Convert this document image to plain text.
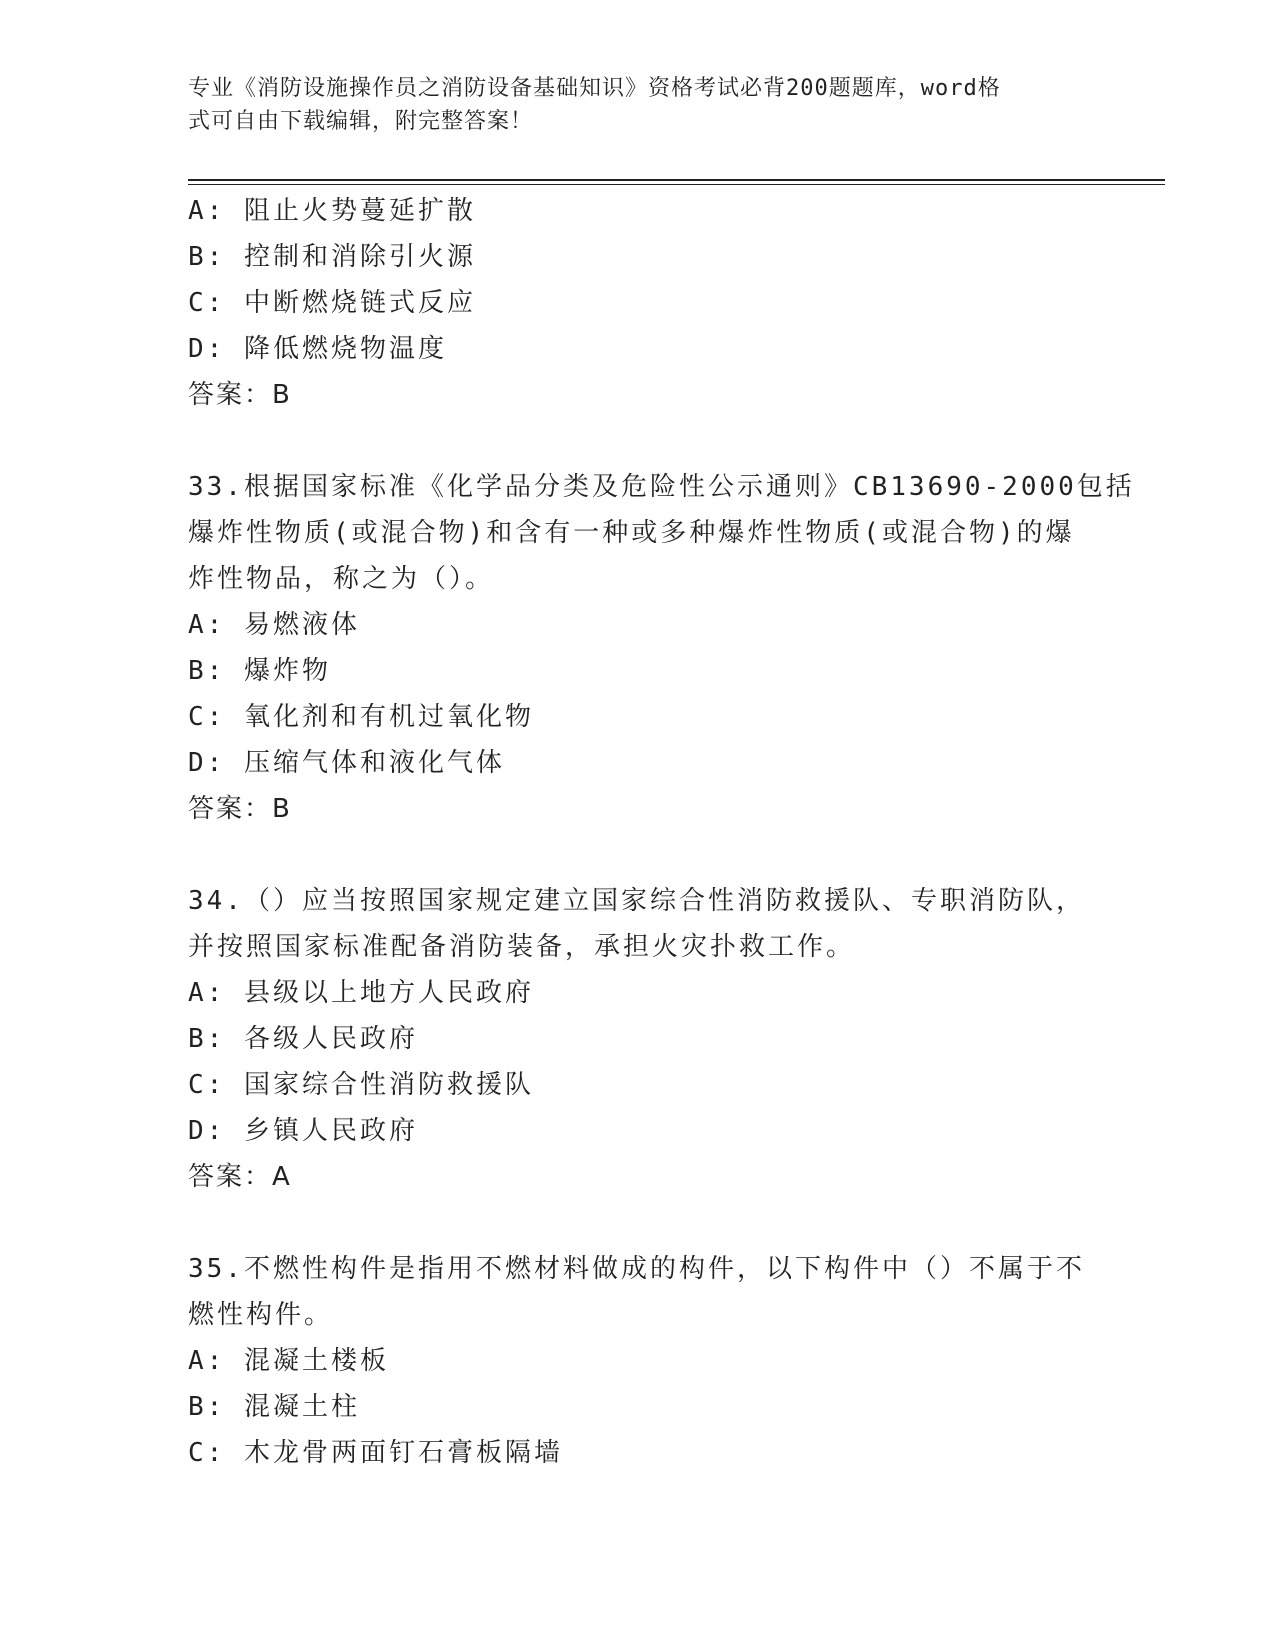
专业《消防设施操作员之消防设备基础知识》资格考试必背200题题库，word格
式可自由下载编辑，附完整答案！
A: 阻止火势蔓延扩散
B: 控制和消除引火源
C: 中断燃烧链式反应
D: 降低燃烧物温度
答案：B
33.根据国家标准《化学品分类及危险性公示通则》CB13690-2000包括
爆炸性物质(或混合物)和含有一种或多种爆炸性物质(或混合物)的爆
炸性物品，称之为（）。
A: 易燃液体
B: 爆炸物
C: 氧化剂和有机过氧化物
D: 压缩气体和液化气体
答案：B
34.（）应当按照国家规定建立国家综合性消防救援队、专职消防队，
并按照国家标准配备消防装备，承担火灾扑救工作。
A: 县级以上地方人民政府
B: 各级人民政府
C: 国家综合性消防救援队
D: 乡镇人民政府
答案：A
35.不燃性构件是指用不燃材料做成的构件，以下构件中（）不属于不
燃性构件。
A: 混凝土楼板
B: 混凝土柱
C: 木龙骨两面钉石膏板隔墙
